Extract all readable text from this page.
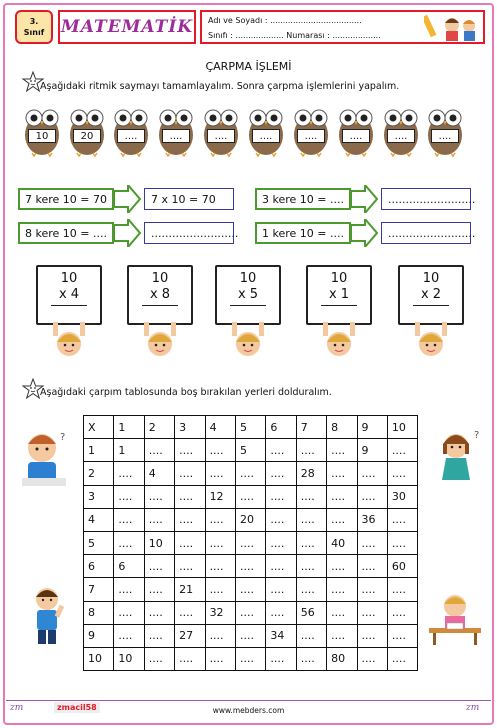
3.
Sınıf MATEMATİK Adı ve Soyadı : ....................................
Sınıfı : ................... Numarası : ...................
ÇARPMA İŞLEMİ
Aşağıdaki ritmik saymayı tamamlayalım. Sonra çarpma işlemlerini yapalım.
10	20	....	....	....	....	....	....	....	....
7 kere 10 = 70	7 x 10 = 70	3 kere 10 = ....	.........................
8 kere 10 = ....	.........................	1 kere 10 = ....	.........................
10
x 4
10
x 8
10
x 5
10
x 1
10
x 2
Aşağıdaki çarpım tablosunda boş bırakılan yerleri dolduralım.
X	1	2	3	4	5	6	7	8	9	10
1	1	....	....	....	5	....	....	....	9	....
2	....	4	....	....	....	....	28	....	....	....
3	....	....	....	12	....	....	....	....	....	30
4	....	....	....	....	20	....	....	....	36	....
5	....	10	....	....	....	....	....	40	....	....
6	6	....	....	....	....	....	....	....	....	60
7	....	....	21	....	....	....	....	....	....	....
8	....	....	....	32	....	....	56	....	....	....
9	....	....	27	....	....	34	....	....	....	....
10	10	....	....	....	....	....	....	80	....	....
?	?
zmacil58	www.mebders.com
zm	zm
